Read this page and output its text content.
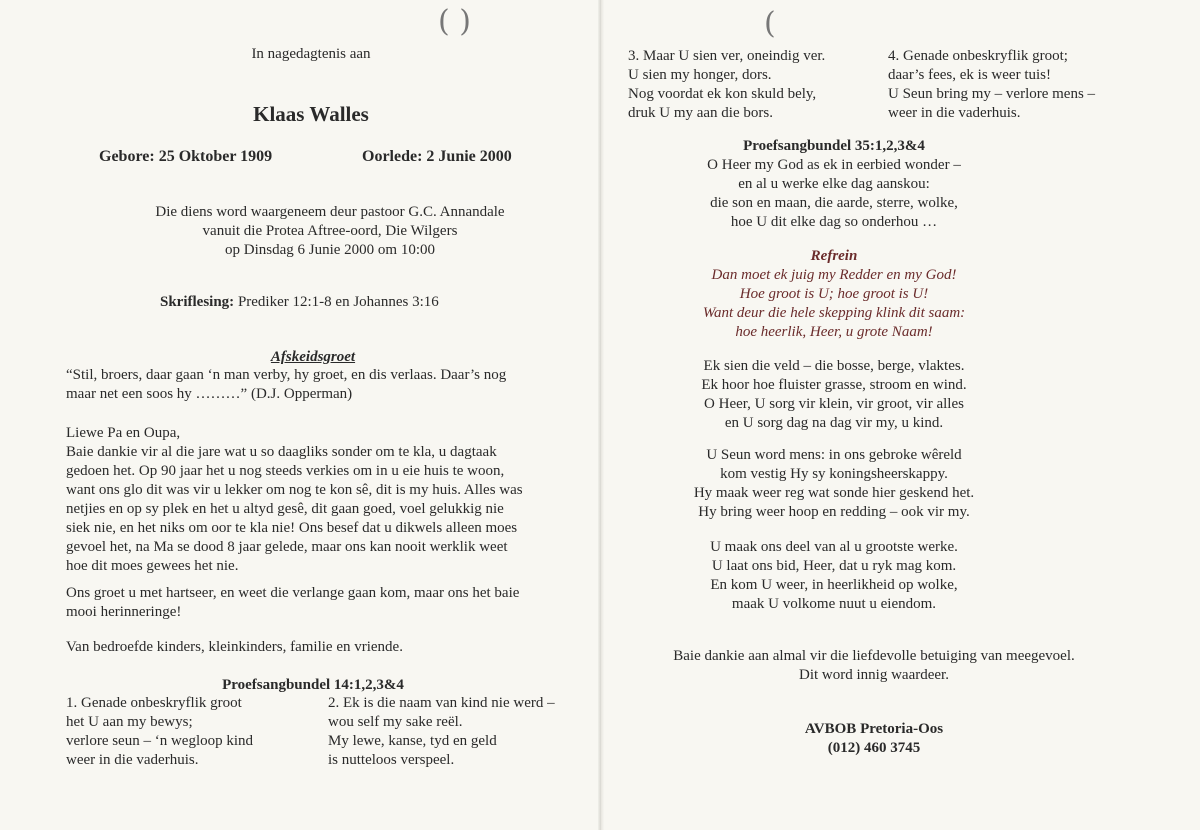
( )	(
In nagedagtenis aan
Klaas Walles
Gebore: 25 Oktober 1909	Oorlede: 2 Junie 2000
Die diens word waargeneem deur pastoor G.C. Annandale
vanuit die Protea Aftree-oord, Die Wilgers
op Dinsdag 6 Junie 2000 om 10:00
Skriflesing: Prediker 12:1-8 en Johannes 3:16
Afskeidsgroet
“Stil, broers, daar gaan ‘n man verby, hy groet, en dis verlaas. Daar’s nog
maar net een soos hy ………” (D.J. Opperman)
Liewe Pa en Oupa,
Baie dankie vir al die jare wat u so daagliks sonder om te kla, u dagtaak
gedoen het. Op 90 jaar het u nog steeds verkies om in u eie huis te woon,
want ons glo dit was vir u lekker om nog te kon sê, dit is my huis. Alles was
netjies en op sy plek en het u altyd gesê, dit gaan goed, voel gelukkig nie
siek nie, en het niks om oor te kla nie! Ons besef dat u dikwels alleen moes
gevoel het, na Ma se dood 8 jaar gelede, maar ons kan nooit werklik weet
hoe dit moes gewees het nie.
Ons groet u met hartseer, en weet die verlange gaan kom, maar ons het baie
mooi herinneringe!
Van bedroefde kinders, kleinkinders, familie en vriende.
Proefsangbundel 14:1,2,3&4
1. Genade onbeskryflik groot
het U aan my bewys;
verlore seun – ‘n wegloop kind
weer in die vaderhuis.
2. Ek is die naam van kind nie werd –
wou self my sake reël.
My lewe, kanse, tyd en geld
is nutteloos verspeel.
3. Maar U sien ver, oneindig ver.
U sien my honger, dors.
Nog voordat ek kon skuld bely,
druk U my aan die bors.
4. Genade onbeskryflik groot;
daar’s fees, ek is weer tuis!
U Seun bring my – verlore mens –
weer in die vaderhuis.
Proefsangbundel 35:1,2,3&4
O Heer my God as ek in eerbied wonder –
en al u werke elke dag aanskou:
die son en maan, die aarde, sterre, wolke,
hoe U dit elke dag so onderhou …
Refrein
Dan moet ek juig my Redder en my God!
Hoe groot is U; hoe groot is U!
Want deur die hele skepping klink dit saam:
hoe heerlik, Heer, u grote Naam!
Ek sien die veld – die bosse, berge, vlaktes.
Ek hoor hoe fluister grasse, stroom en wind.
O Heer, U sorg vir klein, vir groot, vir alles
en U sorg dag na dag vir my, u kind.
U Seun word mens: in ons gebroke wêreld
kom vestig Hy sy koningsheerskappy.
Hy maak weer reg wat sonde hier geskend het.
Hy bring weer hoop en redding – ook vir my.
U maak ons deel van al u grootste werke.
U laat ons bid, Heer, dat u ryk mag kom.
En kom U weer, in heerlikheid op wolke,
maak U volkome nuut u eiendom.
Baie dankie aan almal vir die liefdevolle betuiging van meegevoel.
Dit word innig waardeer.
AVBOB Pretoria-Oos
(012) 460 3745
